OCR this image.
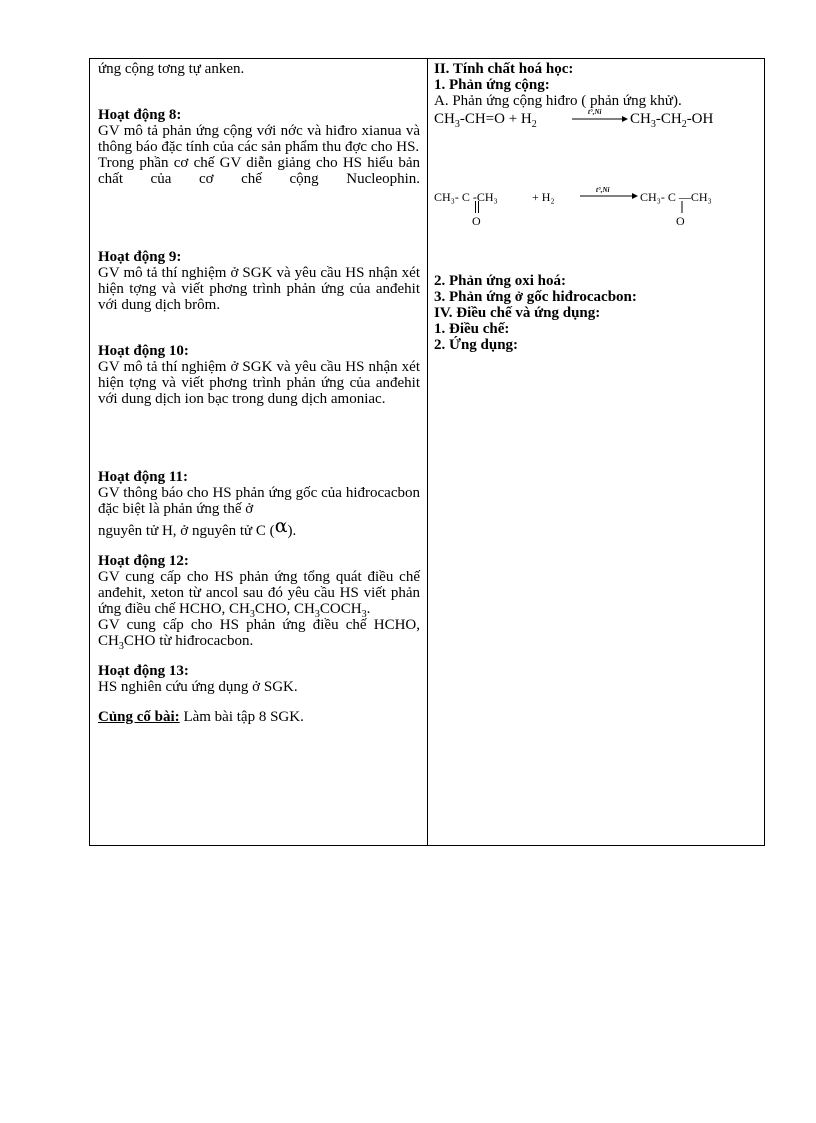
ứng cộng tơng tự anken.

Hoạt động 8:

GV mô tả phản ứng cộng với nớc và hiđro xianua và thông báo đặc tính của các sản phẩm thu đợc cho HS.

Trong phần cơ chế GV diễn giảng cho HS hiểu bản chất của cơ chế cộng Nucleophin.

Hoạt động 9:

GV mô tả thí nghiệm ở SGK và yêu cầu HS nhận xét hiện tợng và viết phơng trình phản ứng của anđehit với dung dịch brôm.

Hoạt động 10:

GV mô tả thí nghiệm ở SGK và yêu cầu HS nhận xét hiện tợng và viết phơng trình phản ứng của anđehit với dung dịch ion bạc trong dung dịch amoniac.

Hoạt động 11:

GV thông báo cho HS phản ứng gốc của hiđrocacbon đặc biệt là phản ứng thế ở

nguyên tử H, ở nguyên tử C (α).

Hoạt động 12:

GV cung cấp cho HS phản ứng tổng quát điều chế anđehit, xeton từ ancol sau đó yêu cầu HS viết phản ứng điều chế HCHO, $CH_3CHO$, $CH_3COCH_3$.

GV cung cấp cho HS phản ứng điều chế HCHO, $CH_3CHO$ từ hiđrocacbon.

Hoạt động 13:

HS nghiên cứu ứng dụng ở SGK.

Củng cố bài: Làm bài tập 8 SGK.

II. Tính chất hoá học:

1. Phản ứng cộng:

A. Phản ứng cộng hiđro ( phản ứng khử).

$CH_3-CH=O + H_2$
$t^\circ,Ni \to CH_3-CH_2-OH$
CH₃- C -CH₃	+ H₂
O
t°,Ni	CH₃- C —CH₃
O

2. Phản ứng oxi hoá:

3. Phản ứng ở gốc hiđrocacbon:

IV. Điều chế và ứng dụng:

1. Điều chế:

2. Ứng dụng:
